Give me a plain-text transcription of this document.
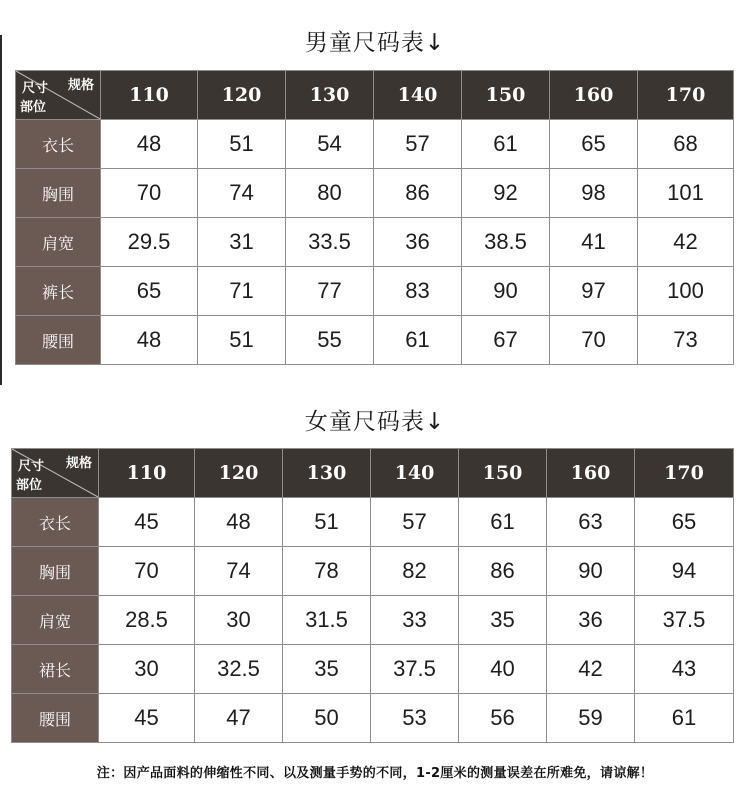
男童尺码表↓
尺寸 规格
部位	110	120	130	140	150	160	170
衣长	48	51	54	57	61	65	68
胸围	70	74	80	86	92	98	101
肩宽	29.5	31	33.5	36	38.5	41	42
裤长	65	71	77	83	90	97	100
腰围	48	51	55	61	67	70	73
女童尺码表↓
尺寸 规格
部位	110	120	130	140	150	160	170
衣长	45	48	51	57	61	63	65
胸围	70	74	78	82	86	90	94
肩宽	28.5	30	31.5	33	35	36	37.5
裙长	30	32.5	35	37.5	40	42	43
腰围	45	47	50	53	56	59	61
注：因产品面料的伸缩性不同、以及测量手势的不同，1-2厘米的测量误差在所难免，请谅解！
